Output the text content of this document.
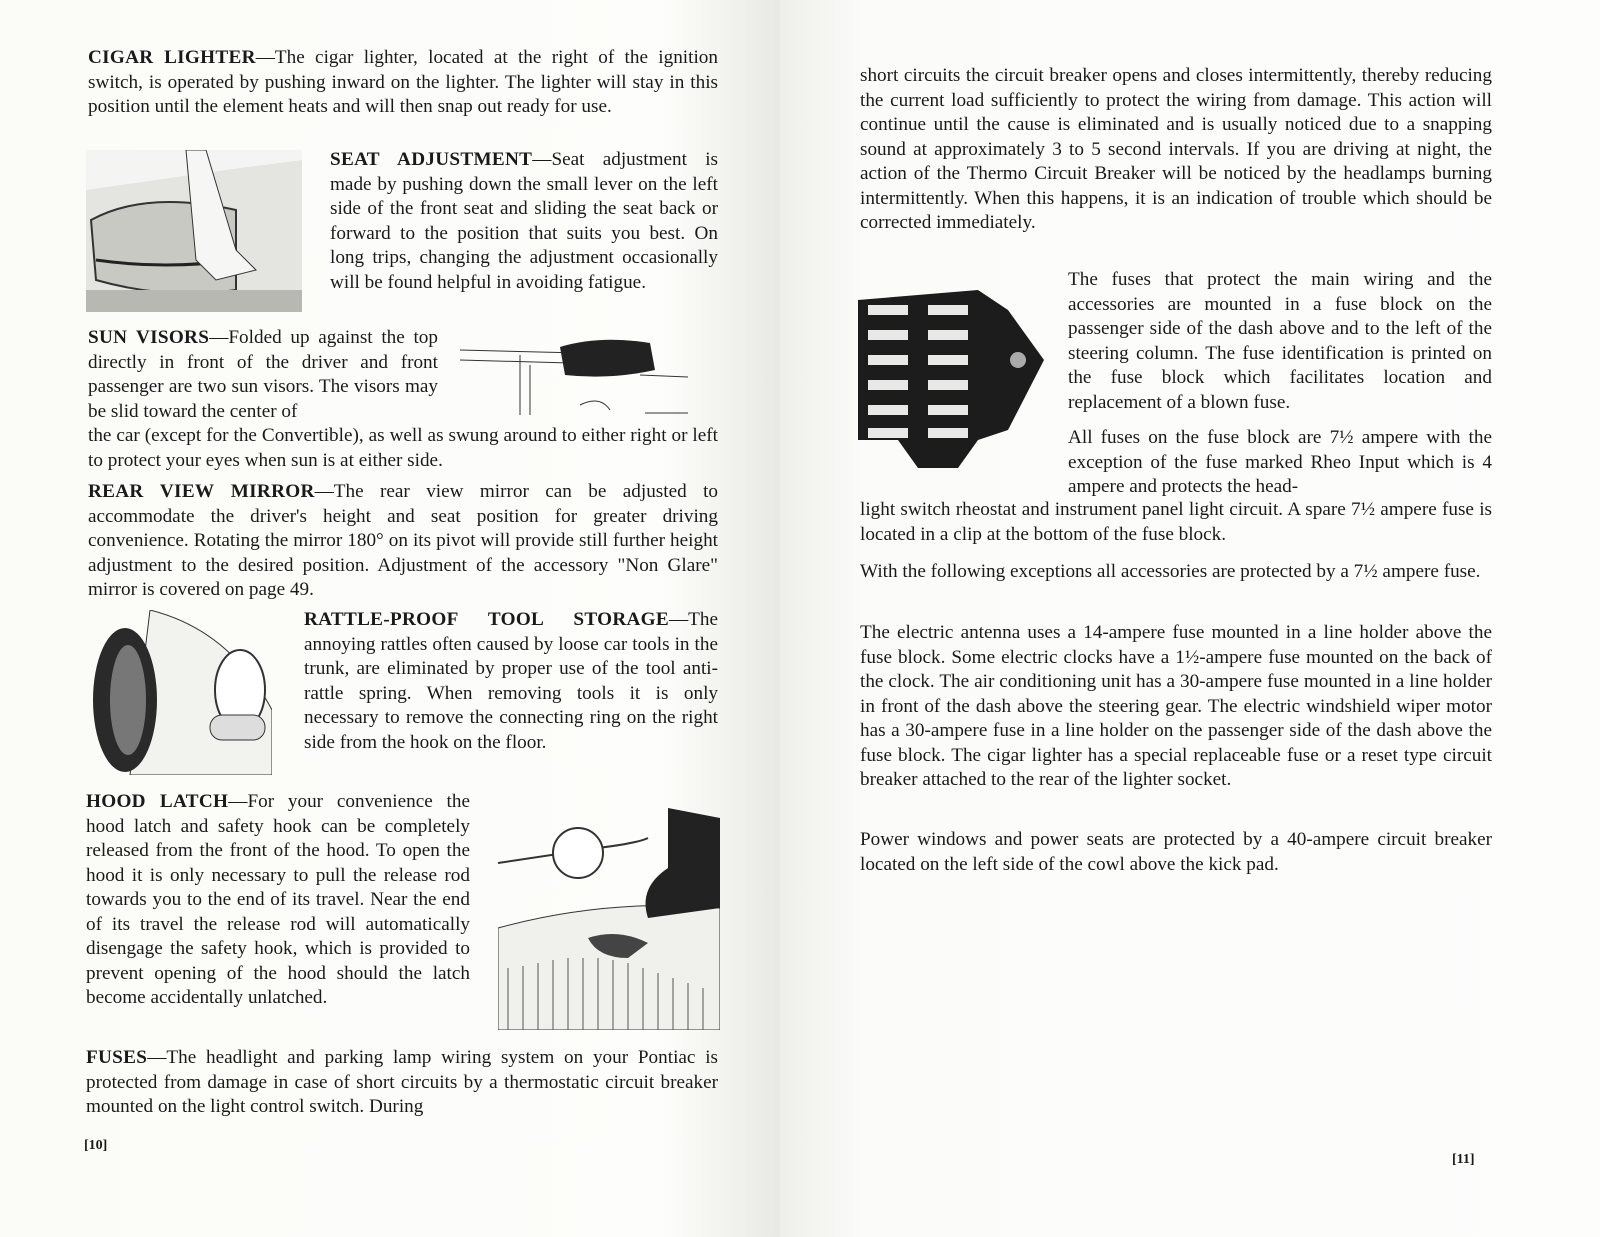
CIGAR LIGHTER—The cigar lighter, located at the right of the ignition switch, is operated by pushing inward on the lighter. The lighter will stay in this position until the element heats and will then snap out ready for use.
SEAT ADJUSTMENT—Seat adjustment is made by pushing down the small lever on the left side of the front seat and sliding the seat back or forward to the position that suits you best. On long trips, changing the adjustment occasionally will be found helpful in avoiding fatigue.
SUN VISORS—Folded up against the top directly in front of the driver and front passenger are two sun visors. The visors may be slid toward the center of
the car (except for the Convertible), as well as swung around to either right or left to protect your eyes when sun is at either side.
REAR VIEW MIRROR—The rear view mirror can be adjusted to accommodate the driver's height and seat position for greater driving convenience. Rotating the mirror 180° on its pivot will provide still further height adjustment to the desired position. Adjustment of the accessory "Non Glare" mirror is covered on page 49.
RATTLE-PROOF TOOL STORAGE—The annoying rattles often caused by loose car tools in the trunk, are eliminated by proper use of the tool anti-rattle spring. When removing tools it is only necessary to remove the connecting ring on the right side from the hook on the floor.
HOOD LATCH—For your convenience the hood latch and safety hook can be completely released from the front of the hood. To open the hood it is only necessary to pull the release rod towards you to the end of its travel. Near the end of its travel the release rod will automatically disengage the safety hook, which is provided to prevent opening of the hood should the latch become accidentally unlatched.
FUSES—The headlight and parking lamp wiring system on your Pontiac is protected from damage in case of short circuits by a thermostatic circuit breaker mounted on the light control switch. During
[10]
short circuits the circuit breaker opens and closes intermittently, thereby reducing the current load sufficiently to protect the wiring from damage. This action will continue until the cause is eliminated and is usually noticed due to a snapping sound at approximately 3 to 5 second intervals. If you are driving at night, the action of the Thermo Circuit Breaker will be noticed by the headlamps burning intermittently. When this happens, it is an indication of trouble which should be corrected immediately.
The fuses that protect the main wiring and the accessories are mounted in a fuse block on the passenger side of the dash above and to the left of the steering column. The fuse identification is printed on the fuse block which facilitates location and replacement of a blown fuse.
All fuses on the fuse block are 7½ ampere with the exception of the fuse marked Rheo Input which is 4 ampere and protects the head-
light switch rheostat and instrument panel light circuit. A spare 7½ ampere fuse is located in a clip at the bottom of the fuse block.
With the following exceptions all accessories are protected by a 7½ ampere fuse.
The electric antenna uses a 14-ampere fuse mounted in a line holder above the fuse block. Some electric clocks have a 1½-ampere fuse mounted on the back of the clock. The air conditioning unit has a 30-ampere fuse mounted in a line holder in front of the dash above the steering gear. The electric windshield wiper motor has a 30-ampere fuse in a line holder on the passenger side of the dash above the fuse block. The cigar lighter has a special replaceable fuse or a reset type circuit breaker attached to the rear of the lighter socket.
Power windows and power seats are protected by a 40-ampere circuit breaker located on the left side of the cowl above the kick pad.
[11]
